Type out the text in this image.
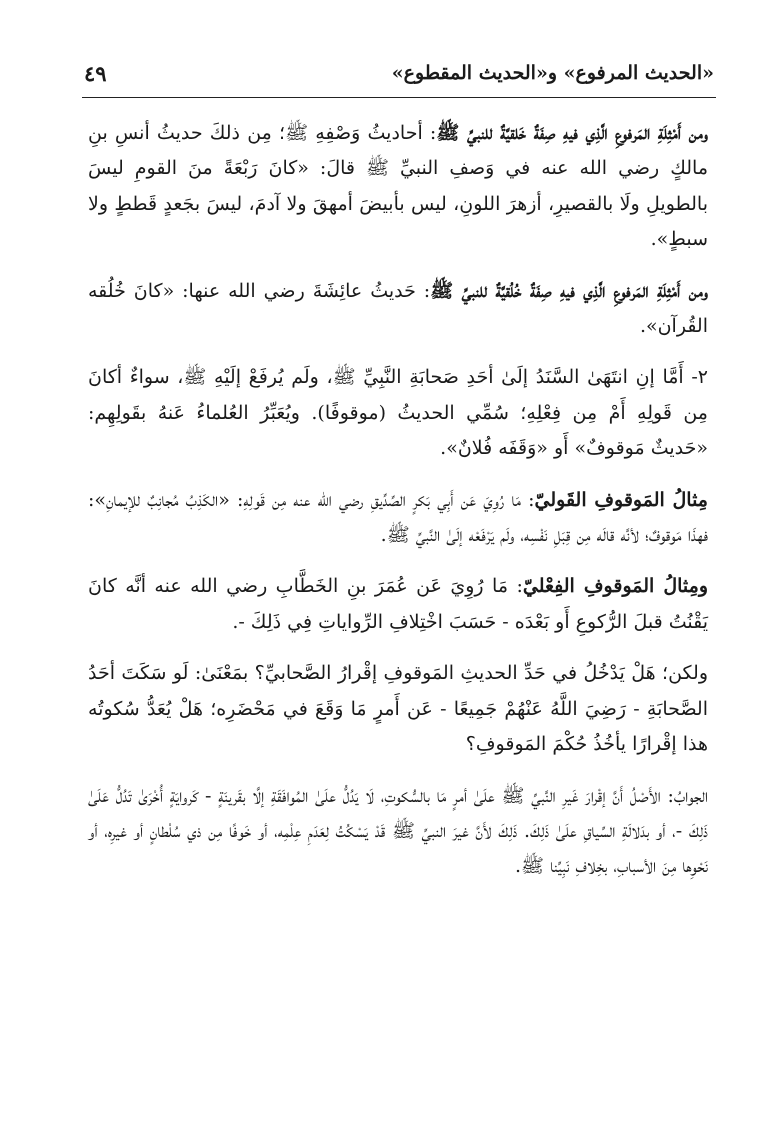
«الحديث المرفوع» و«الحديث المقطوع»
٤٩

ومن أَمْثِلَةِ المَرفوعِ الَّذِي فيهِ صِفَةٌ خَلقيَّةٌ للنبيِّ ﷺ: أحاديثُ وَصْفِهِ ﷺ؛ مِن ذلكَ حديثُ أنسِ بنِ مالكٍ رضي الله عنه في وَصفِ النبيِّ ﷺ قالَ: «كانَ رَبْعَةً منَ القومِ ليسَ بالطويلِ ولَا بالقصيرِ، أزهرَ اللونِ، ليس بأبيضَ أمهقَ ولا آدمَ، ليسَ بجَعدٍ قَططٍ ولا سبطٍ».

ومن أَمْثِلَةِ المَرفوعِ الَّذِي فيهِ صِفَةٌ خُلُقيَّةٌ للنبيِّ ﷺ: حَديثُ عائِشَةَ رضي الله عنها: «كانَ خُلُقه القُرآن».

٢- أَمَّا إنِ انتَهَىٰ السَّنَدُ إلَىٰ أحَدِ صَحابَةِ النَّبِيِّ ﷺ، ولَم يُرفَعْ إلَيْهِ ﷺ، سواءٌ أكانَ مِن قَولِهِ أَمْ مِن فِعْلِهِ؛ سُمِّي الحديثُ (موقوفًا). ويُعَبِّرُ العُلماءُ عَنهُ بقَولِهِم: «حَديثٌ مَوقوفٌ» أَو «وَقَفَه فُلانٌ».

مِثالُ المَوقوفِ القَوليّ: مَا رُوِيَ عَن أَبِي بَكرٍ الصِّدِّيقِ رضي الله عنه مِن قَولِهِ: «الكَذِبُ مُجانِبٌ للإيمانِ»: فهذَا مَوقوفٌ؛ لأنَّه قالَه مِن قِبَلِ نَفْسِه، ولَم يَرْفَعْه إلَىٰ النَّبيِّ ﷺ.

ومِثالُ المَوقوفِ الفِعْليّ: مَا رُوِيَ عَن عُمَرَ بنِ الخَطَّابِ رضي الله عنه أنَّه كانَ يَقْنُتُ قبلَ الرُّكوعِ أَو بَعْدَه - حَسَبَ اخْتِلافِ الرِّواياتِ فِي ذَلِكَ -.

ولكن؛ هَلْ يَدْخُلُ في حَدِّ الحديثِ المَوقوفِ إقْرارُ الصَّحابيِّ؟ بمَعْنَىٰ: لَو سَكَتَ أحَدُ الصَّحابَةِ - رَضِيَ اللَّهُ عَنْهُمْ جَمِيعًا - عَن أَمرٍ مَا وَقَعَ في مَحْضَرِه؛ هَلْ يُعَدُّ سُكوتُه هذا إقْرارًا يأخُذُ حُكْمَ المَوقوفِ؟

الجوابُ: الأَصْلُ أَنَّ إقْرارَ غَيرِ النَّبيِّ ﷺ علَىٰ أمرٍ مَا بالسُّكوتِ، لَا يَدُلُّ علَىٰ المُوافَقَةِ إلَّا بقَرينَةٍ - كَروايَةٍ أُخْرَىٰ تَدُلُّ عَلَىٰ ذَلِكَ -، أو بدَلالَةِ السِّياقِ علَىٰ ذَلِكَ. ذَلِكَ لأَنَّ غيرَ النبيِّ ﷺ قَدْ يَسْكُتُ لِعَدَمِ عِلْمِه، أو خَوفًا مِن ذي سُلْطانٍ أو غيرِه، أو نَحْوِها مِنَ الأسبابِ، بخِلافِ نَبِيِّنا ﷺ.
